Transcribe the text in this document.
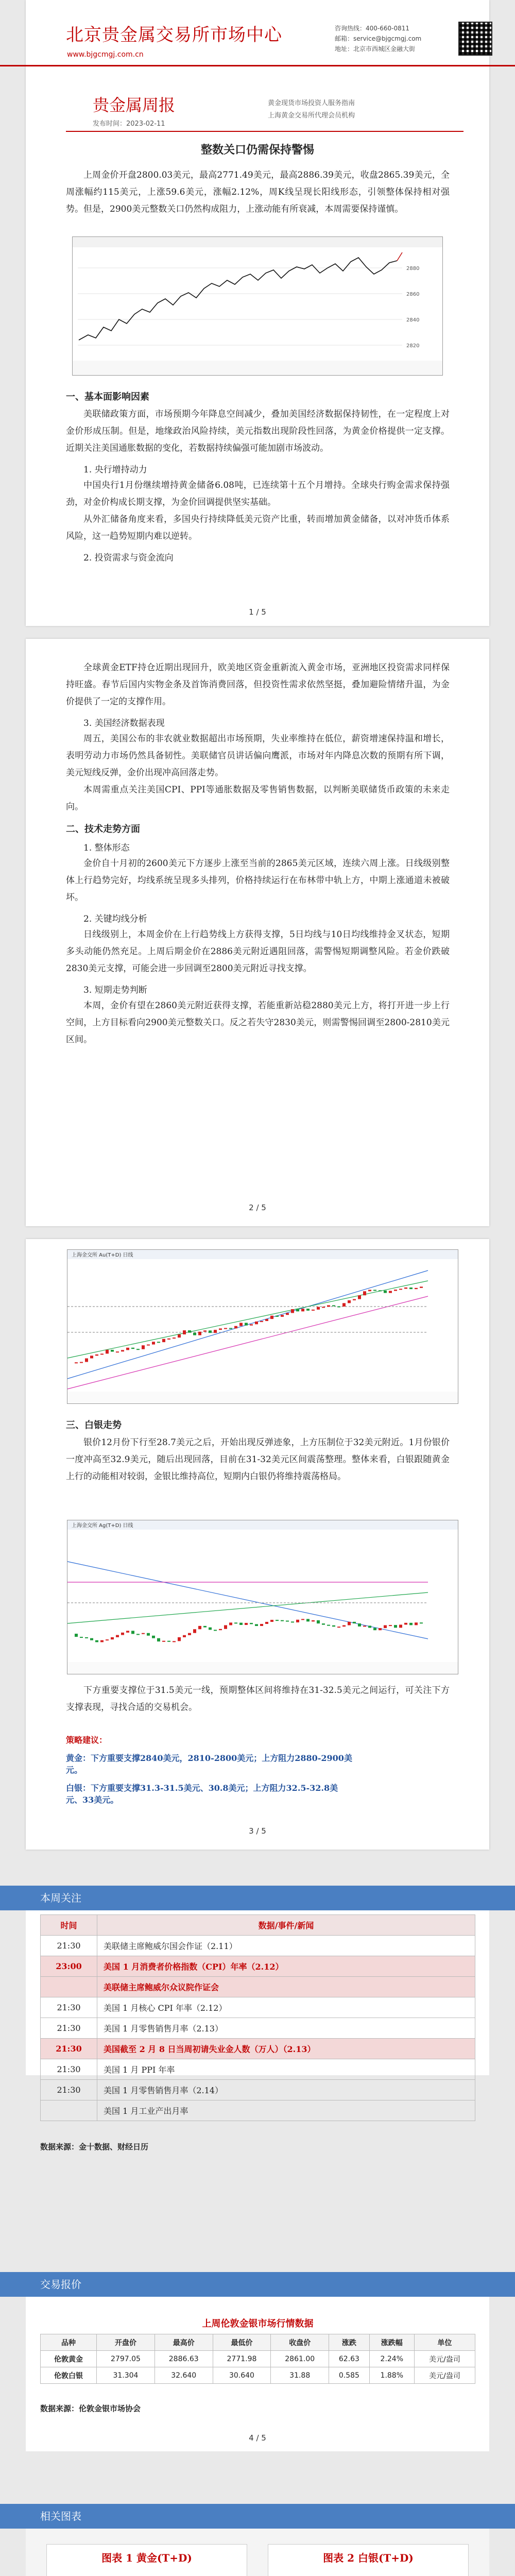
北京贵金属交易所市场中心
www.bjgcmgj.com.cn
咨询热线：400-660-0811
邮箱：service@bjgcmgj.com
地址：北京市西城区金融大街
贵金属周报
发布时间：2023-02-11
黄金现货市场投资人服务指南
上海黄金交易所代理会员机构
整数关口仍需保持警惕

上周金价开盘2800.03美元，最高2771.49美元，最高2886.39美元，收盘2865.39美元，全周涨幅约115美元，上涨59.6美元，涨幅2.12%，周K线呈现长阳线形态，引领整体保持相对强势。但是，2900美元整数关口仍然构成阻力，上涨动能有所衰减，本周需要保持谨慎。

2880
2860
2840
2820
一、基本面影响因素

美联储政策方面，市场预期今年降息空间减少，叠加美国经济数据保持韧性，在一定程度上对金价形成压制。但是，地缘政治风险持续，美元指数出现阶段性回落，为黄金价格提供一定支撑。近期关注美国通胀数据的变化，若数据持续偏强可能加剧市场波动。

1. 央行增持动力

中国央行1月份继续增持黄金储备6.08吨，已连续第十五个月增持。全球央行购金需求保持强劲，对金价构成长期支撑，为金价回调提供坚实基础。

从外汇储备角度来看，多国央行持续降低美元资产比重，转而增加黄金储备，以对冲货币体系风险，这一趋势短期内难以逆转。

2. 投资需求与资金流向
1 / 5

全球黄金ETF持仓近期出现回升，欧美地区资金重新流入黄金市场，亚洲地区投资需求同样保持旺盛。春节后国内实物金条及首饰消费回落，但投资性需求依然坚挺，叠加避险情绪升温，为金价提供了一定的支撑作用。

3. 美国经济数据表现

周五，美国公布的非农就业数据超出市场预期，失业率维持在低位，薪资增速保持温和增长，表明劳动力市场仍然具备韧性。美联储官员讲话偏向鹰派，市场对年内降息次数的预期有所下调，美元短线反弹，金价出现冲高回落走势。

本周需重点关注美国CPI、PPI等通胀数据及零售销售数据，以判断美联储货币政策的未来走向。

二、技术走势方面
1. 整体形态

金价自十月初的2600美元下方逐步上涨至当前的2865美元区域，连续六周上涨。日线级别整体上行趋势完好，均线系统呈现多头排列，价格持续运行在布林带中轨上方，中期上涨通道未被破坏。

2. 关键均线分析

日线级别上，本周金价在上行趋势线上方获得支撑，5日均线与10日均线维持金叉状态，短期多头动能仍然充足。上周后期金价在2886美元附近遇阻回落，需警惕短期调整风险。若金价跌破2830美元支撑，可能会进一步回调至2800美元附近寻找支撑。

3. 短期走势判断

本周，金价有望在2860美元附近获得支撑，若能重新站稳2880美元上方，将打开进一步上行空间，上方目标看向2900美元整数关口。反之若失守2830美元，则需警惕回调至2800-2810美元区间。

2 / 5
上海金交所 Au(T+D) 日线
三、白银走势

银价12月份下行至28.7美元之后，开始出现反弹迹象，上方压制位于32美元附近。1月份银价一度冲高至32.9美元，随后出现回落，目前在31-32美元区间震荡整理。整体来看，白银跟随黄金上行的动能相对较弱，金银比维持高位，短期内白银仍将维持震荡格局。

上海金交所 Ag(T+D) 日线

下方重要支撑位于31.5美元一线，预期整体区间将维持在31-32.5美元之间运行，可关注下方支撑表现，寻找合适的交易机会。

策略建议：
黄金：下方重要支撑2840美元，2810-2800美元；上方阻力2880-2900美元。
白银：下方重要支撑31.3-31.5美元、30.8美元；上方阻力32.5-32.8美元、33美元。
3 / 5
本周关注
时间	数据/事件/新闻
21:30	美联储主席鲍威尔国会作证（2.11）
23:00	美国 1 月消费者价格指数（CPI）年率（2.12）
	美联储主席鲍威尔众议院作证会
21:30	美国 1 月核心 CPI 年率（2.12）
21:30	美国 1 月零售销售月率（2.13）
21:30	美国截至 2 月 8 日当周初请失业金人数（万人）（2.13）
21:30	美国 1 月 PPI 年率
21:30	美国 1 月零售销售月率（2.14）
	美国 1 月工业产出月率
数据来源：金十数据、财经日历
交易报价
上周伦敦金银市场行情数据
品种	开盘价	最高价	最低价	收盘价	涨跌	涨跌幅	单位
伦敦黄金	2797.05	2886.63	2771.98	2861.00	62.63	2.24%	美元/盎司
伦敦白银	31.304	32.640	30.640	31.88	0.585	1.88%	美元/盎司
数据来源：伦敦金银市场协会
4 / 5
相关图表
图表 1 黄金(T+D)	图表 2 白银(T+D)
